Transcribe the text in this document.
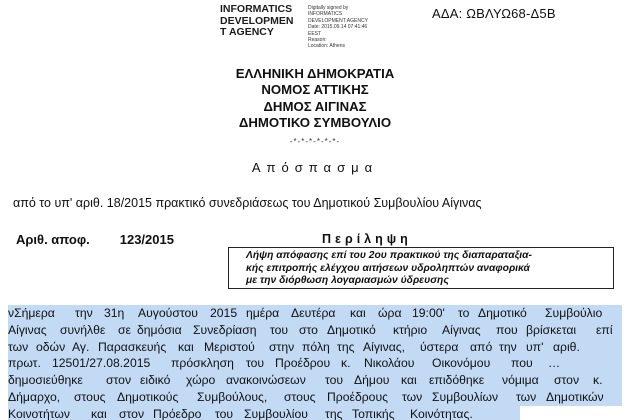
INFORMATICS
DEVELOPMEN
T AGENCY
Digitally signed by
INFORMATICS
DEVELOPMENT AGENCY
Date: 2015.09.14 07:41:46
EEST
Reason:
Location: Athens
ΑΔΑ: ΩΒΛΥΩ68-Δ5Β
ΕΛΛΗΝΙΚΗ ΔΗΜΟΚΡΑΤΙΑ
ΝΟΜΟΣ ΑΤΤΙΚΗΣ
ΔΗΜΟΣ ΑΙΓΙΝΑΣ
ΔΗΜΟΤΙΚΟ ΣΥΜΒΟΥΛΙΟ
-*-*-*-*-*-*-
Απόσπασμα
από το υπ' αριθ. 18/2015 πρακτικό συνεδριάσεως του Δημοτικού Συμβουλίου Αίγινας
Αριθ. αποφ. 123/2015	Περίληψη
Λήψη απόφασης επί του 2ου πρακτικού της διαπαραταξια-
κής επιτροπής ελέγχου αιτήσεων υδροληπτών αναφορικά
με την διόρθωση λογαριασμών ύδρευσης
νΣήμερα την 31η Αυγούστου 2015 ημέρα Δευτέρα και ώρα 19:00' το Δημοτικό Συμβούλιο
Αίγινας συνήλθε σε δημόσια Συνεδρίαση του στο Δημοτικό κτήριο Αίγινας που βρίσκεται επί
των οδών Αγ. Παρασκευής και Μεριστού στην πόλη της Αίγινας, ύστερα από την υπ' αριθ.
πρωτ. 12501/27.08.2015 πρόσκληση του Προέδρου κ. Νικολάου Οικονόμου που …
δημοσιεύθηκε στον ειδικό χώρο ανακοινώσεων του Δήμου και επιδόθηκε νόμιμα στον κ.
Δήμαρχο, στους Δημοτικούς Συμβούλους, στους Προέδρους των Συμβουλίων των Δημοτικών
Κοινοτήτων και στον Πρόεδρο του Συμβουλίου της Τοπικής Κοινότητας.
